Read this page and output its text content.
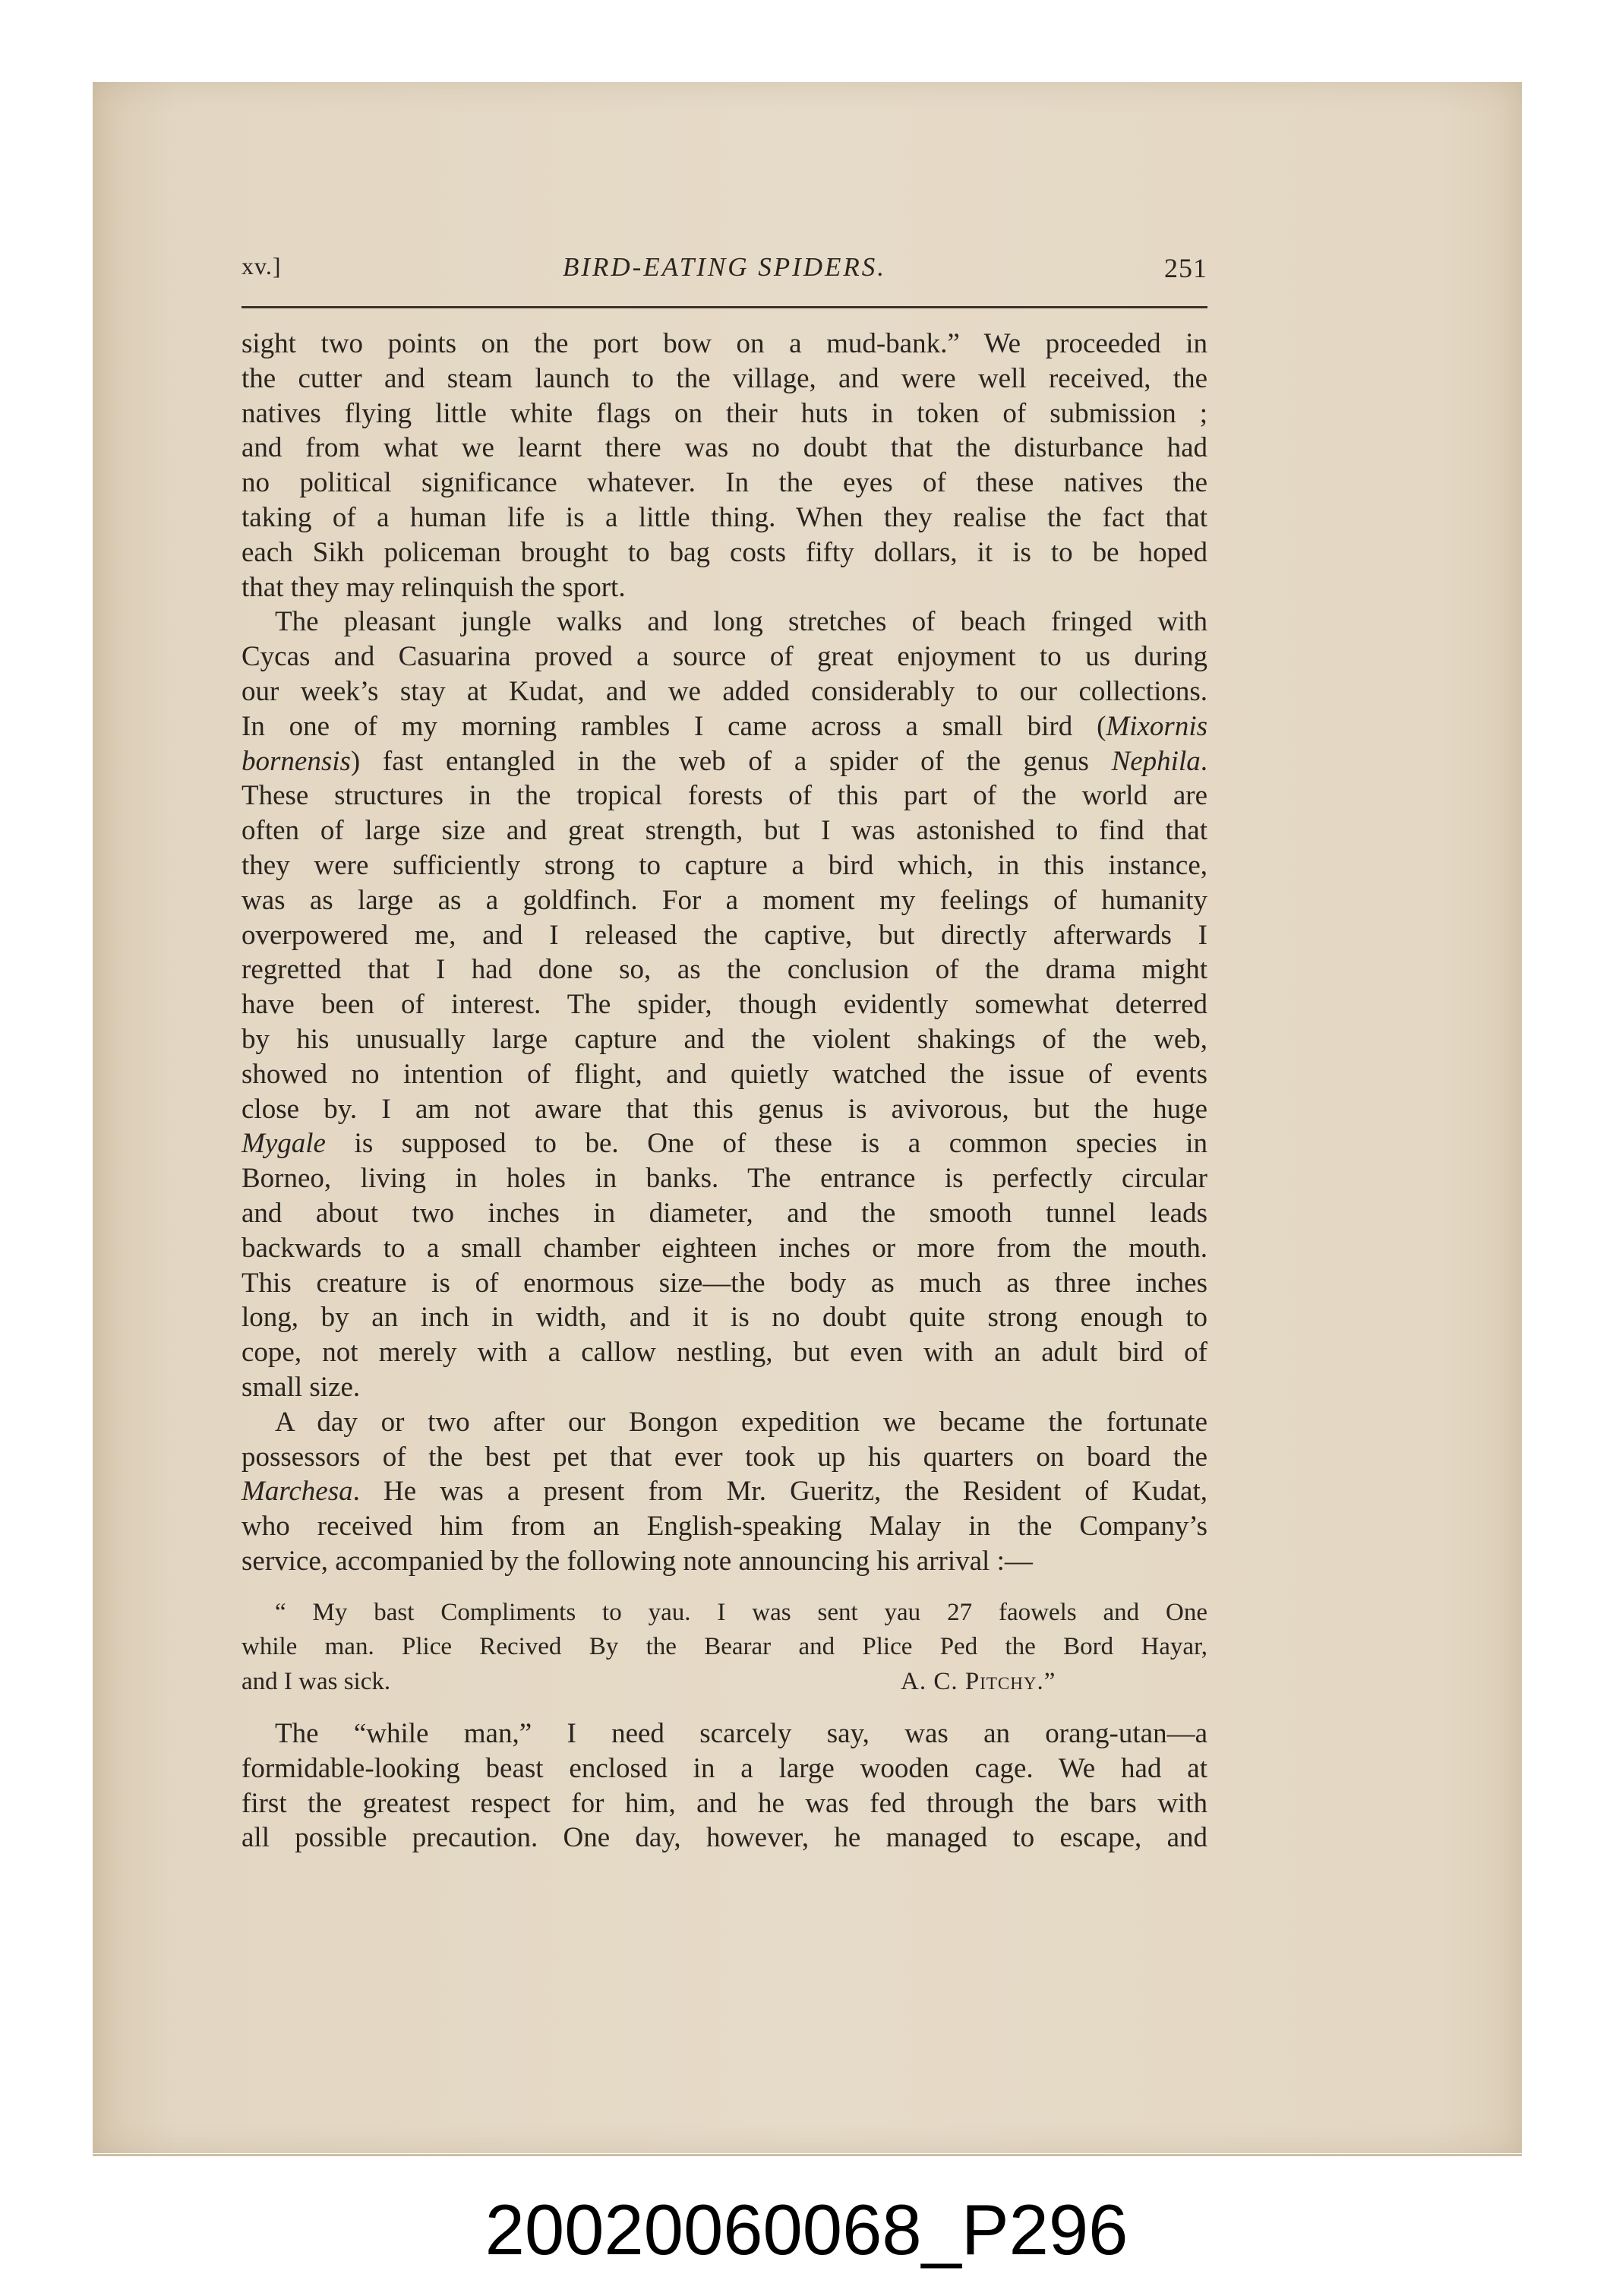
xv.]	BIRD-EATING SPIDERS.	251
sight two points on the port bow on a mud-bank.” We proceeded in
the cutter and steam launch to the village, and were well received, the
natives flying little white flags on their huts in token of submission ;
and from what we learnt there was no doubt that the disturbance had
no political significance whatever. In the eyes of these natives the
taking of a human life is a little thing. When they realise the fact that
each Sikh policeman brought to bag costs fifty dollars, it is to be hoped
that they may relinquish the sport.
The pleasant jungle walks and long stretches of beach fringed with
Cycas and Casuarina proved a source of great enjoyment to us during
our week’s stay at Kudat, and we added considerably to our collections.
In one of my morning rambles I came across a small bird (Mixornis
bornensis) fast entangled in the web of a spider of the genus Nephila.
These structures in the tropical forests of this part of the world are
often of large size and great strength, but I was astonished to find that
they were sufficiently strong to capture a bird which, in this instance,
was as large as a goldfinch. For a moment my feelings of humanity
overpowered me, and I released the captive, but directly afterwards I
regretted that I had done so, as the conclusion of the drama might
have been of interest. The spider, though evidently somewhat deterred
by his unusually large capture and the violent shakings of the web,
showed no intention of flight, and quietly watched the issue of events
close by. I am not aware that this genus is avivorous, but the huge
Mygale is supposed to be. One of these is a common species in
Borneo, living in holes in banks. The entrance is perfectly circular
and about two inches in diameter, and the smooth tunnel leads
backwards to a small chamber eighteen inches or more from the mouth.
This creature is of enormous size—the body as much as three inches
long, by an inch in width, and it is no doubt quite strong enough to
cope, not merely with a callow nestling, but even with an adult bird of
small size.
A day or two after our Bongon expedition we became the fortunate
possessors of the best pet that ever took up his quarters on board the
Marchesa. He was a present from Mr. Gueritz, the Resident of Kudat,
who received him from an English-speaking Malay in the Company’s
service, accompanied by the following note announcing his arrival :—
“ My bast Compliments to yau. I was sent yau 27 faowels and One
while man. Plice Recived By the Bearar and Plice Ped the Bord Hayar,
and I was sick.	A. C. Pitchy.”
The “while man,” I need scarcely say, was an orang-utan—a
formidable-looking beast enclosed in a large wooden cage. We had at
first the greatest respect for him, and he was fed through the bars with
all possible precaution. One day, however, he managed to escape, and
20020060068_P296
